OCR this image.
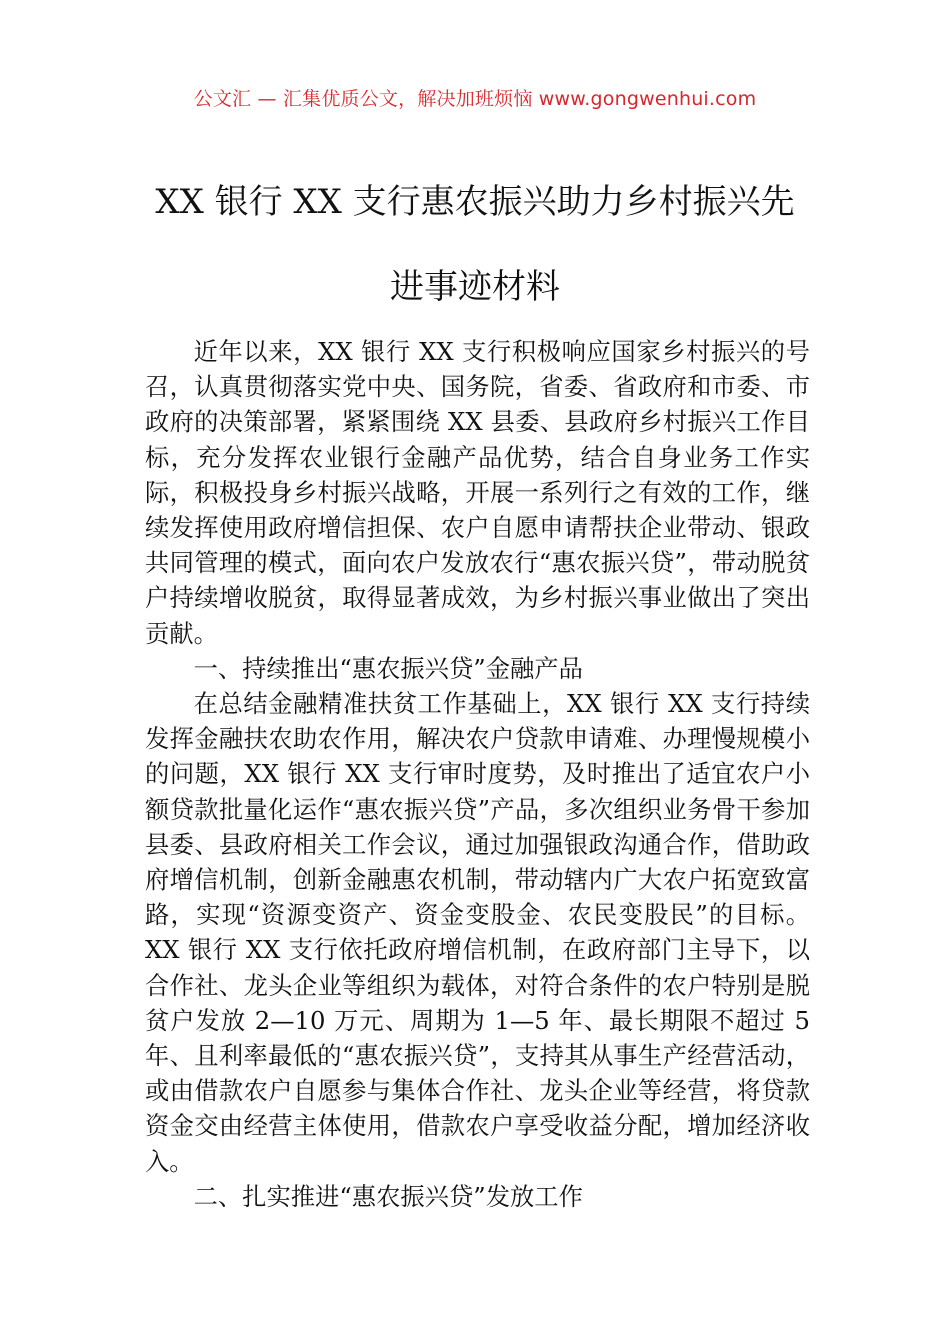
公文汇 — 汇集优质公文，解决加班烦恼 www.gongwenhui.com
XX 银行 XX 支行惠农振兴助力乡村振兴先
进事迹材料

近年以来，XX 银行 XX 支行积极响应国家乡村振兴的号召，认真贯彻落实党中央、国务院，省委、省政府和市委、市政府的决策部署，紧紧围绕 XX 县委、县政府乡村振兴工作目标，充分发挥农业银行金融产品优势，结合自身业务工作实际，积极投身乡村振兴战略，开展一系列行之有效的工作，继续发挥使用政府增信担保、农户自愿申请帮扶企业带动、银政共同管理的模式，面向农户发放农行“惠农振兴贷”，带动脱贫户持续增收脱贫，取得显著成效，为乡村振兴事业做出了突出贡献。

一、持续推出“惠农振兴贷”金融产品

在总结金融精准扶贫工作基础上，XX 银行 XX 支行持续发挥金融扶农助农作用，解决农户贷款申请难、办理慢规模小的问题，XX 银行 XX 支行审时度势，及时推出了适宜农户小额贷款批量化运作“惠农振兴贷”产品，多次组织业务骨干参加县委、县政府相关工作会议，通过加强银政沟通合作，借助政府增信机制，创新金融惠农机制，带动辖内广大农户拓宽致富路，实现“资源变资产、资金变股金、农民变股民”的目标。XX 银行 XX 支行依托政府增信机制，在政府部门主导下，以合作社、龙头企业等组织为载体，对符合条件的农户特别是脱贫户发放 2—10 万元、周期为 1—5 年、最长期限不超过 5 年、且利率最低的“惠农振兴贷”，支持其从事生产经营活动，或由借款农户自愿参与集体合作社、龙头企业等经营，将贷款资金交由经营主体使用，借款农户享受收益分配，增加经济收入。

二、扎实推进“惠农振兴贷”发放工作
